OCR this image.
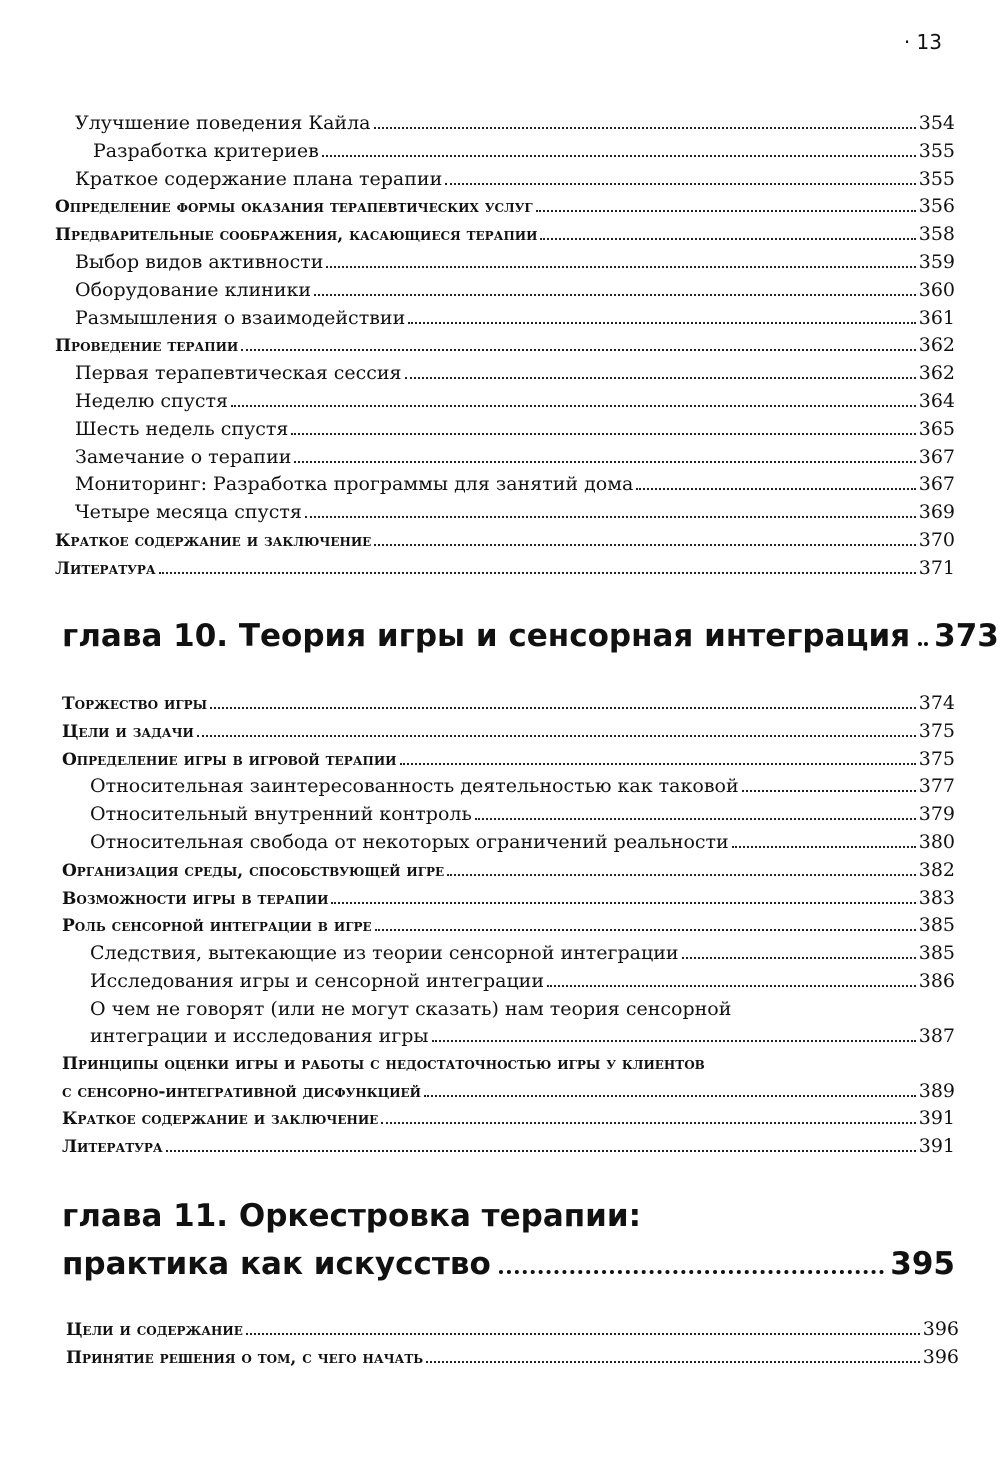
· 13
Улучшение поведения Кайла	354
Разработка критериев	355
Краткое содержание плана терапии	355
Определение формы оказания терапевтических услуг	356
Предварительные соображения, касающиеся терапии	358
Выбор видов активности	359
Оборудование клиники	360
Размышления о взаимодействии	361
Проведение терапии	362
Первая терапевтическая сессия	362
Неделю спустя	364
Шесть недель спустя	365
Замечание о терапии	367
Мониторинг: Разработка программы для занятий дома	367
Четыре месяца спустя	369
Краткое содержание и заключение	370
Литература	371
глава 10. Теория игры и сенсорная интеграция 373
Торжество игры	374
Цели и задачи	375
Определение игры в игровой терапии	375
Относительная заинтересованность деятельностью как таковой	377
Относительный внутренний контроль	379
Относительная свобода от некоторых ограничений реальности	380
Организация среды, способствующей игре	382
Возможности игры в терапии	383
Роль сенсорной интеграции в игре	385
Следствия, вытекающие из теории сенсорной интеграции	385
Исследования игры и сенсорной интеграции	386
О чем не говорят (или не могут сказать) нам теория сенсорной
интеграции и исследования игры	387
Принципы оценки игры и работы с недостаточностью игры у клиентов
с сенсорно-интегративной дисфункцией	389
Краткое содержание и заключение	391
Литература	391
глава 11. Оркестровка терапии:
практика как искусство	395
Цели и содержание	396
Принятие решения о том, с чего начать	396
